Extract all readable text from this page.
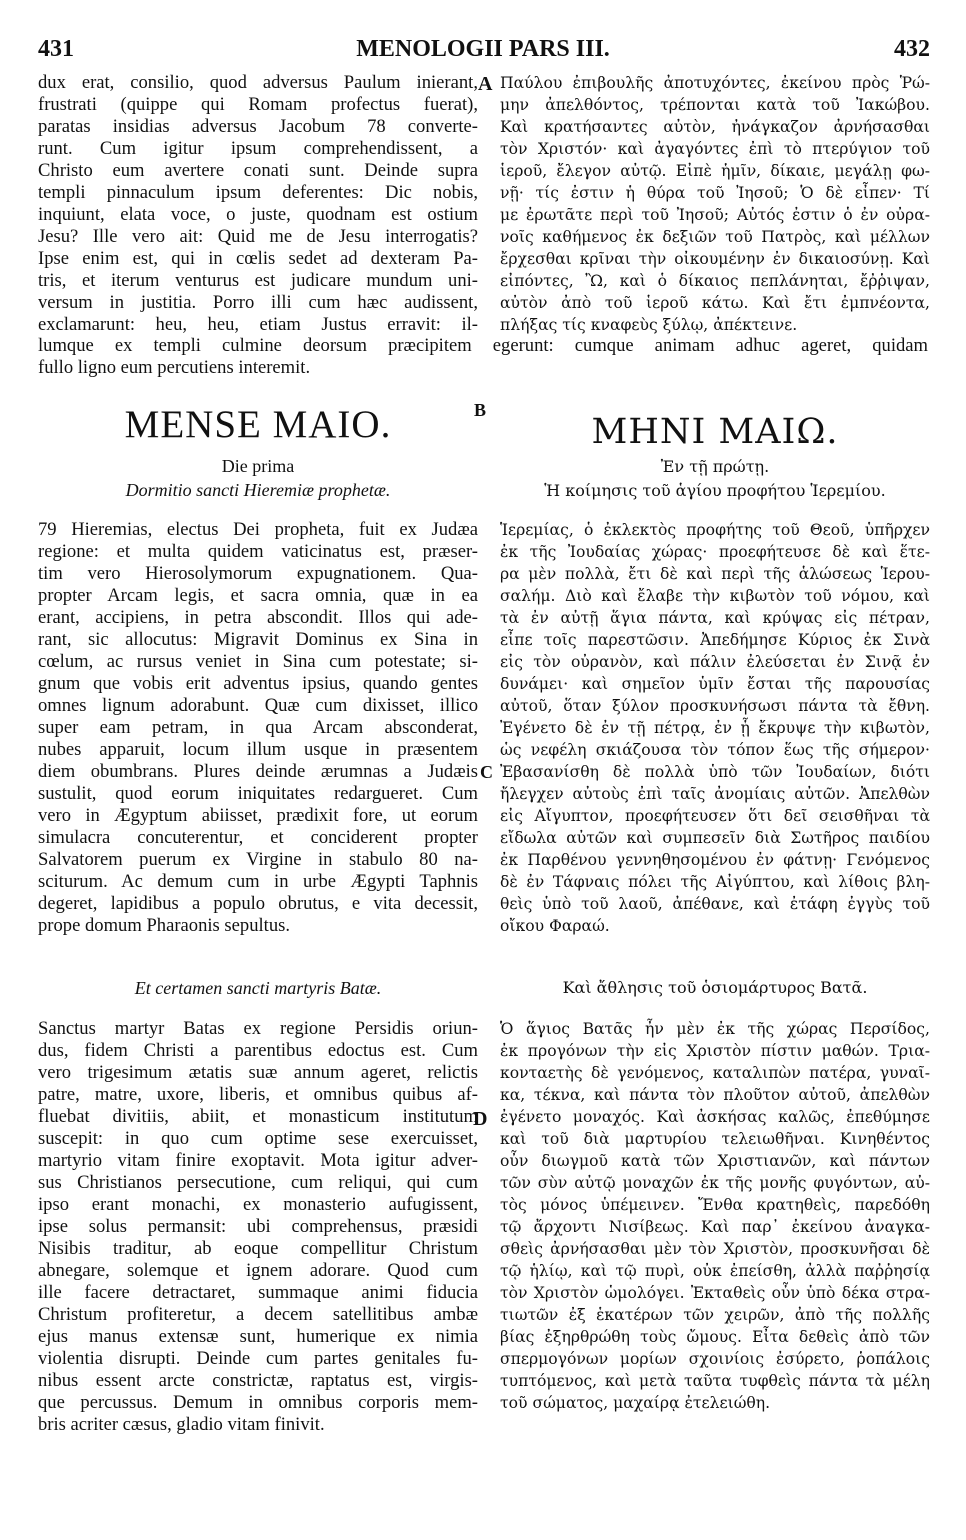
431	MENOLOGII PARS III.	432
A
B
C
D
dux erat, consilio, quod adversus Paulum inierant,
frustrati (quippe qui Romam profectus fuerat),
paratas insidias adversus Jacobum 78 converte-
runt. Cum igitur ipsum comprehendissent, a
Christo eum avertere conati sunt. Deinde supra
templi pinnaculum ipsum deferentes: Dic nobis,
inquiunt, elata voce, o juste, quodnam est ostium
Jesu? Ille vero ait: Quid me de Jesu interrogatis?
Ipse enim est, qui in cœlis sedet ad dexteram Pa-
tris, et iterum venturus est judicare mundum uni-
versum in justitia. Porro illi cum hæc audissent,
exclamarunt: heu, heu, etiam Justus erravit: il-
Παύλου ἐπιβουλῆς ἀποτυχόντες, ἐκείνου πρὸς Ῥώ-
μην ἀπελθόντος, τρέπονται κατὰ τοῦ Ἰακώβου.
Καὶ κρατήσαντες αὐτὸν, ἠνάγκαζον ἀρνήσασθαι
τὸν Χριστόν· καὶ ἀγαγόντες ἐπὶ τὸ πτερύγιον τοῦ
ἱεροῦ, ἔλεγον αὐτῷ. Εἰπὲ ἡμῖν, δίκαιε, μεγάλῃ φω-
νῇ· τίς ἐστιν ἡ θύρα τοῦ Ἰησοῦ; Ὁ δὲ εἶπεν· Τί
με ἐρωτᾶτε περὶ τοῦ Ἰησοῦ; Αὐτός ἐστιν ὁ ἐν οὐρα-
νοῖς καθήμενος ἐκ δεξιῶν τοῦ Πατρὸς, καὶ μέλλων
ἔρχεσθαι κρῖναι τὴν οἰκουμένην ἐν δικαιοσύνῃ. Καὶ
εἰπόντες, Ὢ, καὶ ὁ δίκαιος πεπλάνηται, ἔῤῥιψαν,
αὐτὸν ἀπὸ τοῦ ἱεροῦ κάτω. Καὶ ἔτι ἐμπνέοντα,
πλήξας τίς κναφεὺς ξύλῳ, ἀπέκτεινε.
lumque ex templi culmine deorsum præcipitem egerunt: cumque animam adhuc ageret, quidam
fullo ligno eum percutiens interemit.
MENSE MAIO.
Die prima
Dormitio sancti Hieremiæ prophetæ.
ΜΗΝΙ ΜΑΙΩ.
Ἐν τῇ πρώτῃ.
Ἡ κοίμησις τοῦ ἁγίου προφήτου Ἱερεμίου.
79 Hieremias, electus Dei propheta, fuit ex Judæa
regione: et multa quidem vaticinatus est, præser-
tim vero Hierosolymorum expugnationem. Qua-
propter Arcam legis, et sacra omnia, quæ in ea
erant, accipiens, in petra abscondit. Illos qui ade-
rant, sic allocutus: Migravit Dominus ex Sina in
cœlum, ac rursus veniet in Sina cum potestate; si-
gnum que vobis erit adventus ipsius, quando gentes
omnes lignum adorabunt. Quæ cum dixisset, illico
super eam petram, in qua Arcam absconderat,
nubes apparuit, locum illum usque in præsentem
diem obumbrans. Plures deinde ærumnas a Judæis
sustulit, quod eorum iniquitates redargueret. Cum
vero in Ægyptum abiisset, prædixit fore, ut eorum
simulacra concuterentur, et conciderent propter
Salvatorem puerum ex Virgine in stabulo 80 na-
sciturum. Ac demum cum in urbe Ægypti Taphnis
degeret, lapidibus a populo obrutus, e vita decessit,
prope domum Pharaonis sepultus.
Ἱερεμίας, ὁ ἐκλεκτὸς προφήτης τοῦ Θεοῦ, ὑπῆρχεν
ἐκ τῆς Ἰουδαίας χώρας· προεφήτευσε δὲ καὶ ἕτε-
ρα μὲν πολλὰ, ἔτι δὲ καὶ περὶ τῆς ἁλώσεως Ἱερου-
σαλήμ. Διὸ καὶ ἔλαβε τὴν κιβωτὸν τοῦ νόμου, καὶ
τὰ ἐν αὐτῇ ἅγια πάντα, καὶ κρύψας εἰς πέτραν,
εἶπε τοῖς παρεστῶσιν. Ἀπεδήμησε Κύριος ἐκ Σινὰ
εἰς τὸν οὐρανὸν, καὶ πάλιν ἐλεύσεται ἐν Σινᾷ ἐν
δυνάμει· καὶ σημεῖον ὑμῖν ἔσται τῆς παρουσίας
αὐτοῦ, ὅταν ξύλον προσκυνήσωσι πάντα τὰ ἔθνη.
Ἐγένετο δὲ ἐν τῇ πέτρᾳ, ἐν ᾗ ἔκρυψε τὴν κιβωτὸν,
ὡς νεφέλη σκιάζουσα τὸν τόπον ἕως τῆς σήμερον·
Ἐβασανίσθη δὲ πολλὰ ὑπὸ τῶν Ἰουδαίων, διότι
ἤλεγχεν αὐτοὺς ἐπὶ ταῖς ἀνομίαις αὐτῶν. Ἀπελθὼν
εἰς Αἴγυπτον, προεφήτευσεν ὅτι δεῖ σεισθῆναι τὰ
εἴδωλα αὐτῶν καὶ συμπεσεῖν διὰ Σωτῆρος παιδίου
ἐκ Παρθένου γεννηθησομένου ἐν φάτνῃ· Γενόμενος
δὲ ἐν Τάφναις πόλει τῆς Αἰγύπτου, καὶ λίθοις βλη-
θεὶς ὑπὸ τοῦ λαοῦ, ἀπέθανε, καὶ ἐτάφη ἐγγὺς τοῦ
οἴκου Φαραώ.
Et certamen sancti martyris Batæ.	Καὶ ἄθλησις τοῦ ὁσιομάρτυρος Βατᾶ.
Sanctus martyr Batas ex regione Persidis oriun-
dus, fidem Christi a parentibus edoctus est. Cum
vero trigesimum ætatis suæ annum ageret, relictis
patre, matre, uxore, liberis, et omnibus quibus af-
fluebat divitiis, abiit, et monasticum institutum
suscepit: in quo cum optime sese exercuisset,
martyrio vitam finire exoptavit. Mota igitur adver-
sus Christianos persecutione, cum reliqui, qui cum
ipso erant monachi, ex monasterio aufugissent,
ipse solus permansit: ubi comprehensus, præsidi
Nisibis traditur, ab eoque compellitur Christum
abnegare, solemque et ignem adorare. Quod cum
ille facere detractaret, summaque animi fiducia
Christum profiteretur, a decem satellitibus ambæ
ejus manus extensæ sunt, humerique ex nimia
violentia disrupti. Deinde cum partes genitales fu-
nibus essent arcte constrictæ, raptatus est, virgis-
que percussus. Demum in omnibus corporis mem-
bris acriter cæsus, gladio vitam finivit.
Ὁ ἅγιος Βατᾶς ἦν μὲν ἐκ τῆς χώρας Περσίδος,
ἐκ προγόνων τὴν εἰς Χριστὸν πίστιν μαθών. Τρια-
κονταετὴς δὲ γενόμενος, καταλιπὼν πατέρα, γυναῖ-
κα, τέκνα, καὶ πάντα τὸν πλοῦτον αὐτοῦ, ἀπελθὼν
ἐγένετο μοναχός. Καὶ ἀσκήσας καλῶς, ἐπεθύμησε
καὶ τοῦ διὰ μαρτυρίου τελειωθῆναι. Κινηθέντος
οὖν διωγμοῦ κατὰ τῶν Χριστιανῶν, καὶ πάντων
τῶν σὺν αὐτῷ μοναχῶν ἐκ τῆς μονῆς φυγόντων, αὐ-
τὸς μόνος ὑπέμεινεν. Ἔνθα κρατηθεὶς, παρεδόθη
τῷ ἄρχοντι Νισίβεως. Καὶ παρ᾽ ἐκείνου ἀναγκα-
σθεὶς ἀρνήσασθαι μὲν τὸν Χριστὸν, προσκυνῆσαι δὲ
τῷ ἡλίῳ, καὶ τῷ πυρὶ, οὐκ ἐπείσθη, ἀλλὰ παῤῥησίᾳ
τὸν Χριστὸν ὡμολόγει. Ἐκταθεὶς οὖν ὑπὸ δέκα στρα-
τιωτῶν ἐξ ἑκατέρων τῶν χειρῶν, ἀπὸ τῆς πολλῆς
βίας ἐξηρθρώθη τοὺς ὤμους. Εἶτα δεθεὶς ἀπὸ τῶν
σπερμογόνων μορίων σχοινίοις ἐσύρετο, ῥοπάλοις
τυπτόμενος, καὶ μετὰ ταῦτα τυφθεὶς πάντα τὰ μέλη
τοῦ σώματος, μαχαίρᾳ ἐτελειώθη.
